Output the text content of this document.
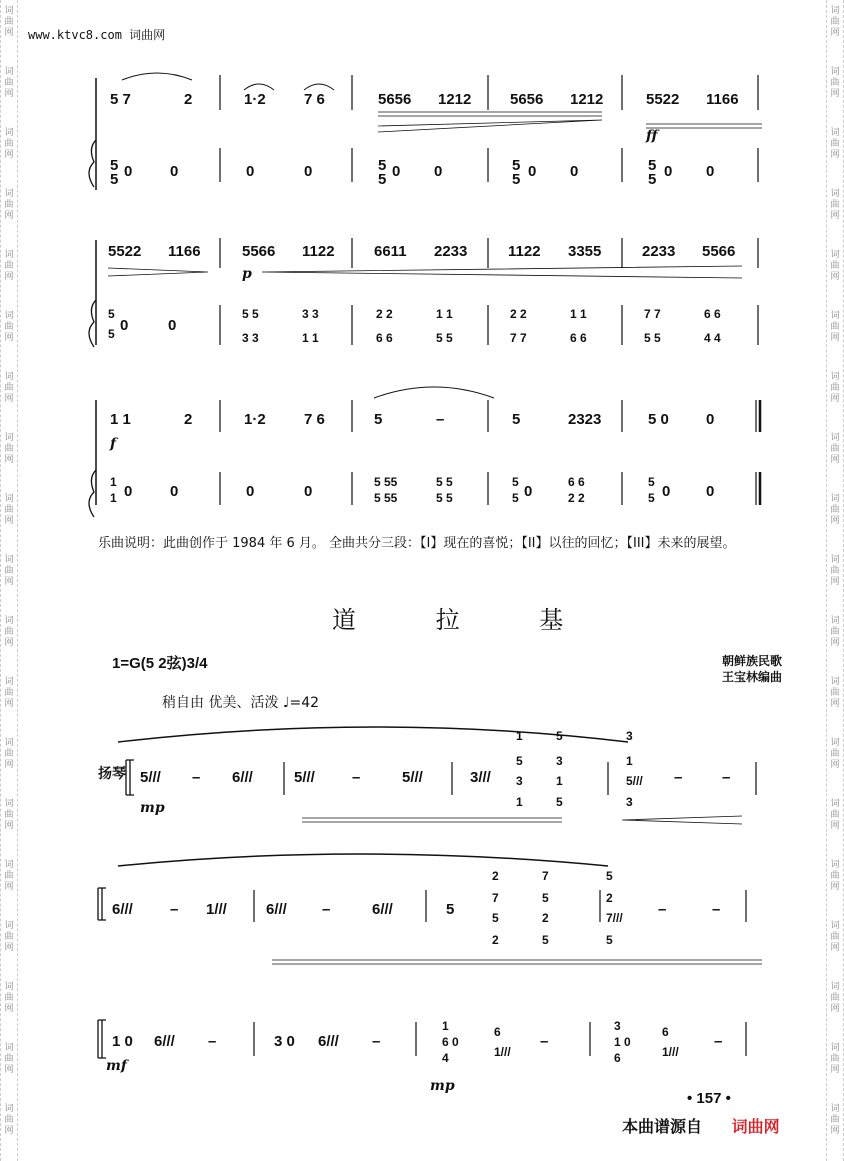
词
曲
网
词
曲
网
词
曲
网
词
曲
网
词
曲
网
词
曲
网
词
曲
网
词
曲
网
词
曲
网
词
曲
网
词
曲
网
词
曲
网
词
曲
网
词
曲
网
词
曲
网
词
曲
网
词
曲
网
词
曲
网
词
曲
网
词
曲
网
词
曲
网
词
曲
网
词
曲
网
词
曲
网
词
曲
网
词
曲
网
词
曲
网
词
曲
网
词
曲
网
词
曲
网
词
曲
网
词
曲
网
词
曲
网
词
曲
网
词
曲
网
词
曲
网
词
曲
网
词
曲
网
www.ktvc8.com 词曲网
5 7	2	1·2	7 6	5656 1212	5656 1212	5522 1166
ff
5
5 0	0	0	0	5
5 0 0	5
5 0 0	5
5 0 0
5522 1166	5566 1122	6611 2233	1122 3355	2233 5566
p
5
5 0	0
5 5	3 3
3 3	1 1
2 2	1 1
6 6	5 5
2 2	1 1
7 7	6 6
7 7	6 6
5 5	4 4
1 1	2	1·2	7 6	5	–	5	2323	5 0 0
f
1
1 0	0	0	0
5 55	5 5
5 55	5 5
5
5 0
6 6
2 2
5
5 0 0
5/// – 6///	5/// –	5///	3///
1
5
3
1
5
3
1
5
3
1
5///
3
–	–
mp
6/// – 1///	6/// –	6///	5
2
7
5
2
7
5
2
5
5
2
7///
5
–	–
1 0 6/// –	3 0 6/// –
1
6 0
4
6
1///
–
3
1 0
6
6
1///
–
mf
mp
乐曲说明：此曲创作于 1984 年 6 月。 全曲共分三段：【I】现在的喜悦；【II】以往的回忆；【III】未来的展望。
道 拉 基
1=G(5 2弦)3/4	朝鲜族民歌
王宝林编曲
稍自由 优美、活泼 ♩=42
扬琴
• 157 •
本曲谱源自 词曲网
